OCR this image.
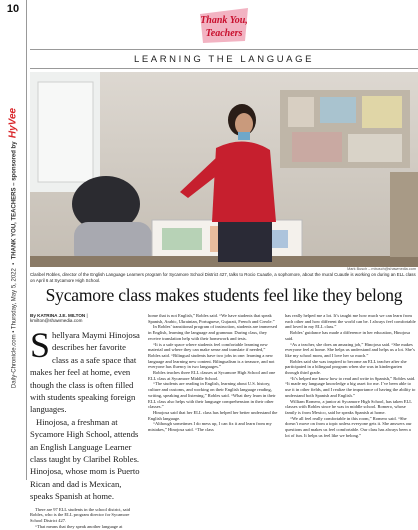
10
Daily-Chronicle.com • Thursday, May 5, 2022  •  THANK YOU, TEACHERS – sponsored by  HyVee
Thank You,
Teachers
LEARNING THE LANGUAGE
Mark Busch – mbusch@shawmedia.com
Claribel Robles, director of the English Language Learners program for Sycamore School District 427, talks to Rocio Cuautle, a sophomore, about the mural Cuautle is working on during an ELL class on April 6 at Sycamore High School.
Sycamore class makes students feel like they belong
By KATRINA J.E. MILTON | kmilton@shawmedia.com

Shellyara Maymi Hinojosa describes her favorite class as a safe space that makes her feel at home, even though the class is often filled with students speaking foreign languages.

Hinojosa, a freshman at Sycamore High School, attends an English Language Learner class taught by Claribel Robles. Hinojosa, whose mom is Puerto Rican and dad is Mexican, speaks Spanish at home.

There are 97 ELL students in the school district, said Robles, who is the ELL program director for Sycamore School District 427.

“That means that they speak another language at

home that is not English,” Robles said. “We have students that speak Spanish, Arabic, Ukrainian, Portuguese, Gujarati, French and Creole.”

In Robles’ transitional program of instruction, students are immersed in English, learning the language and grammar. During class, they receive translation help with their homework and tests.

“It is a safe space where students feel comfortable learning new material and where they can make sense and translate if needed,” Robles said. “Bilingual students have two jobs in one: learning a new language and learning new content. Bilingualism is a treasure, and not everyone has fluency in two languages.”

Robles teaches three ELL classes at Sycamore High School and one ELL class at Sycamore Middle School.

“The students are reading in English, learning about U.S. history, culture and customs, and working on their English language reading, writing, speaking and listening,” Robles said. “What they learn in their ELL class also helps with their language comprehension in their other classes.”

Hinojosa said that her ELL class has helped her better understand the English language.

“Although sometimes I do mess up, I can fix it and learn from my mistakes,” Hinojosa said. “The class

has really helped me a lot. It’s taught me how much we can learn from each other and how different the world can be. I always feel comfortable and loved in my ELL class.”

Robles’ guidance has made a difference in her education, Hinojosa said.

“As a teacher, she does an amazing job,” Hinojosa said. “She makes everyone feel at home. She helps us understand and helps us a lot. She’s like my school mom, and I love her so much.”

Robles said she was inspired to become an ELL teacher after she participated in a bilingual program when she was in kindergarten through third grade.

“It’s helped me know how to read and write in Spanish,” Robles said. “It made my language knowledge a big asset for me. I’ve been able to use it in other fields, and I realize the importance of having the ability to understand both Spanish and English.”

William Romero, a junior at Sycamore High School, has taken ELL classes with Robles since he was in middle school. Romero, whose family is from Mexico, said he speaks Spanish at home.

“We all feel really comfortable in this room,” Romero said. “She doesn’t move on from a topic unless everyone gets it. She answers our questions and makes us feel comfortable. Our class has always been a lot of fun. It helps us feel like we belong.”
